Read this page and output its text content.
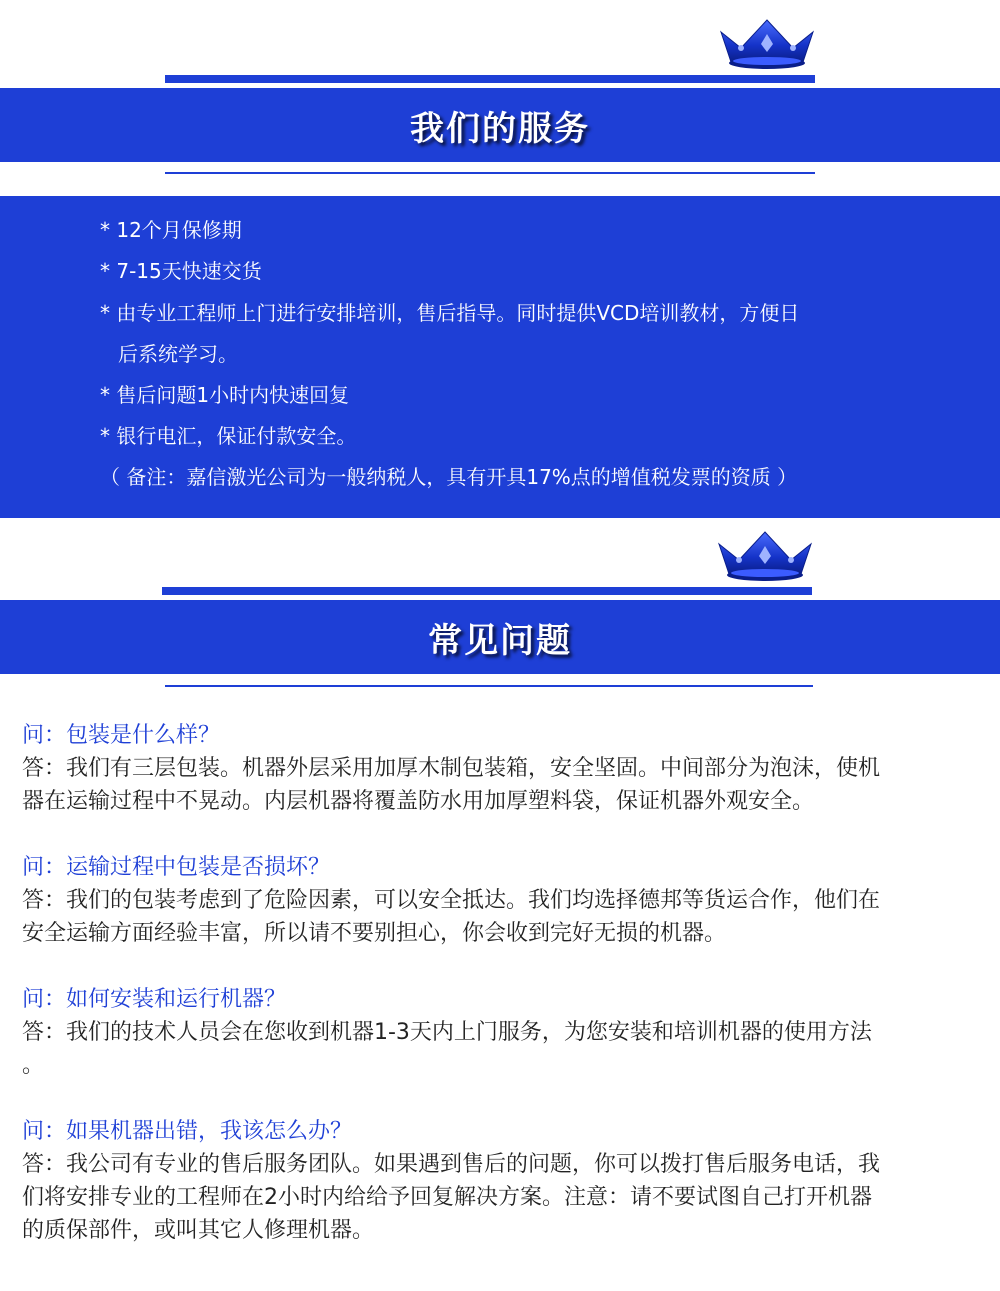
我们的服务
* 12个月保修期
* 7-15天快速交货
* 由专业工程师上门进行安排培训，售后指导。同时提供VCD培训教材，方便日
后系统学习。
* 售后问题1小时内快速回复
* 银行电汇，保证付款安全。
（ 备注：嘉信激光公司为一般纳税人，具有开具17%点的增值税发票的资质 ）
常见问题
问：包装是什么样？
答：我们有三层包装。机器外层采用加厚木制包装箱，安全坚固。中间部分为泡沫，使机
器在运输过程中不晃动。内层机器将覆盖防水用加厚塑料袋，保证机器外观安全。
问：运输过程中包装是否损坏？
答：我们的包装考虑到了危险因素，可以安全抵达。我们均选择德邦等货运合作，他们在
安全运输方面经验丰富，所以请不要别担心，你会收到完好无损的机器。
问：如何安装和运行机器？
答：我们的技术人员会在您收到机器1-3天内上门服务，为您安装和培训机器的使用方法
。
问：如果机器出错，我该怎么办？
答：我公司有专业的售后服务团队。如果遇到售后的问题，你可以拨打售后服务电话，我
们将安排专业的工程师在2小时内给给予回复解决方案。注意：请不要试图自己打开机器
的质保部件，或叫其它人修理机器。
